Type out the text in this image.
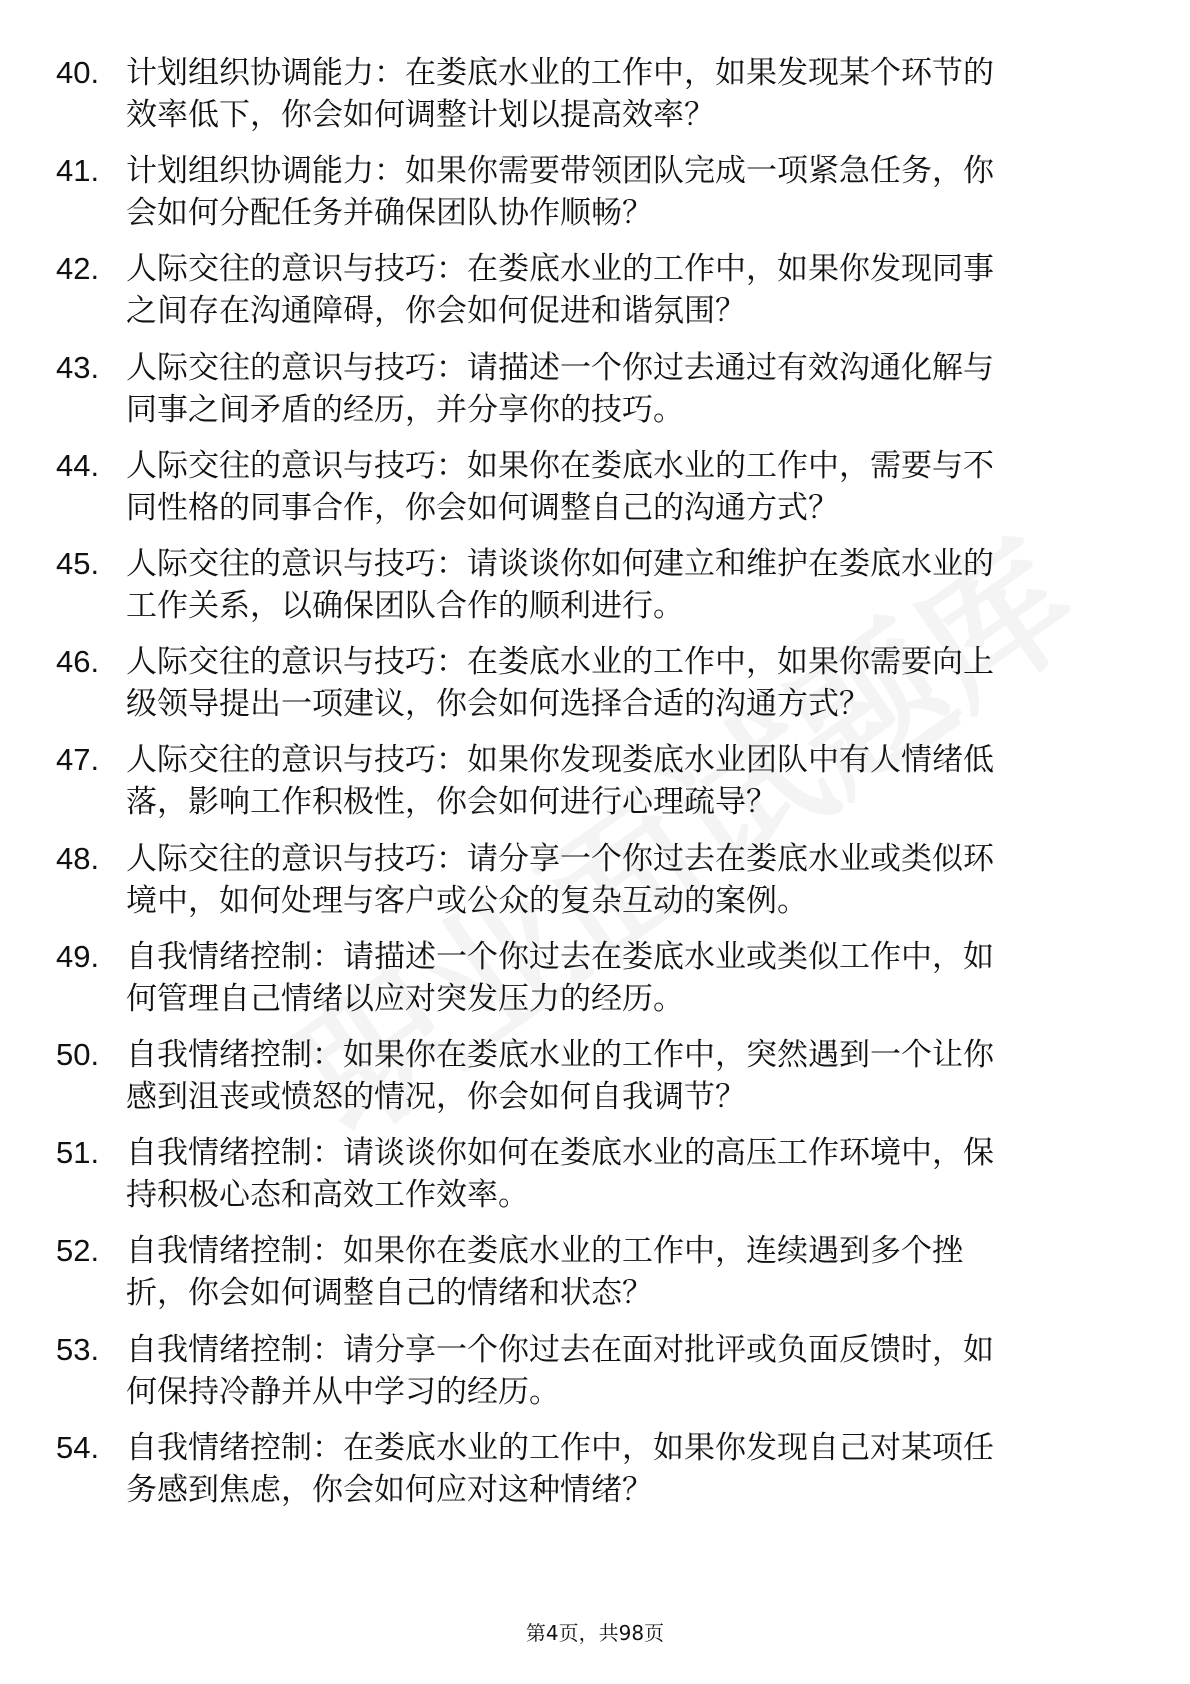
40. 计划组织协调能力：在娄底水业的工作中，如果发现某个环节的
效率低下，你会如何调整计划以提高效率？
41. 计划组织协调能力：如果你需要带领团队完成一项紧急任务，你
会如何分配任务并确保团队协作顺畅？
42. 人际交往的意识与技巧：在娄底水业的工作中，如果你发现同事
之间存在沟通障碍，你会如何促进和谐氛围？
43. 人际交往的意识与技巧：请描述一个你过去通过有效沟通化解与
同事之间矛盾的经历，并分享你的技巧。
44. 人际交往的意识与技巧：如果你在娄底水业的工作中，需要与不
同性格的同事合作，你会如何调整自己的沟通方式？
45. 人际交往的意识与技巧：请谈谈你如何建立和维护在娄底水业的
工作关系，以确保团队合作的顺利进行。
46. 人际交往的意识与技巧：在娄底水业的工作中，如果你需要向上
级领导提出一项建议，你会如何选择合适的沟通方式？
47. 人际交往的意识与技巧：如果你发现娄底水业团队中有人情绪低
落，影响工作积极性，你会如何进行心理疏导？
48. 人际交往的意识与技巧：请分享一个你过去在娄底水业或类似环
境中，如何处理与客户或公众的复杂互动的案例。
49. 自我情绪控制：请描述一个你过去在娄底水业或类似工作中，如
何管理自己情绪以应对突发压力的经历。
50. 自我情绪控制：如果你在娄底水业的工作中，突然遇到一个让你
感到沮丧或愤怒的情况，你会如何自我调节？
51. 自我情绪控制：请谈谈你如何在娄底水业的高压工作环境中，保
持积极心态和高效工作效率。
52. 自我情绪控制：如果你在娄底水业的工作中，连续遇到多个挫
折，你会如何调整自己的情绪和状态？
53. 自我情绪控制：请分享一个你过去在面对批评或负面反馈时，如
何保持冷静并从中学习的经历。
54. 自我情绪控制：在娄底水业的工作中，如果你发现自己对某项任
务感到焦虑，你会如何应对这种情绪？
第4页，共98页
